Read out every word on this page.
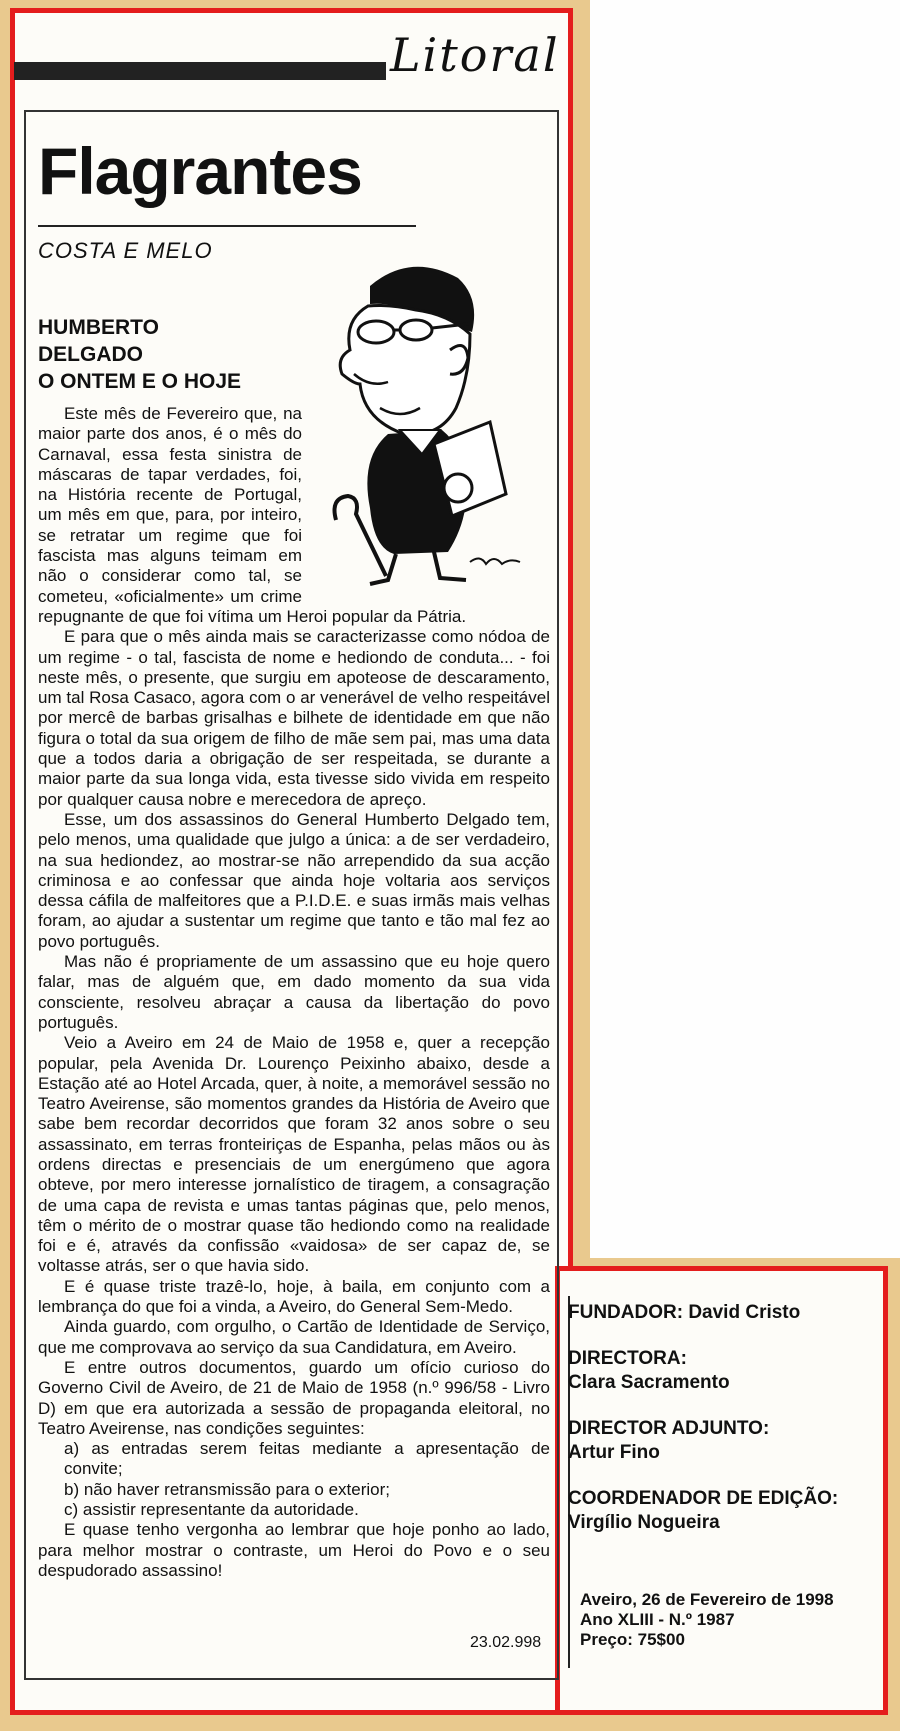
Litoral
Flagrantes
COSTA E MELO
HUMBERTO
DELGADO
O ONTEM E O HOJE

Este mês de Fevereiro que, na maior parte dos anos, é o mês do Carnaval, essa festa sinistra de máscaras de tapar verdades, foi, na História recente de Portugal, um mês em que, para, por inteiro, se retratar um regime que foi fascista mas alguns teimam em não o considerar como tal, se cometeu, «oficialmente» um crime repugnante de que foi vítima um Heroi popular da Pátria.

E para que o mês ainda mais se caracterizasse como nódoa de um regime - o tal, fascista de nome e hediondo de conduta... - foi neste mês, o presente, que surgiu em apoteose de descaramento, um tal Rosa Casaco, agora com o ar venerável de velho respeitável por mercê de barbas grisalhas e bilhete de identidade em que não figura o total da sua origem de filho de mãe sem pai, mas uma data que a todos daria a obrigação de ser respeitada, se durante a maior parte da sua longa vida, esta tivesse sido vivida em respeito por qualquer causa nobre e merecedora de apreço.

Esse, um dos assassinos do General Humberto Delgado tem, pelo menos, uma qualidade que julgo a única: a de ser verdadeiro, na sua hediondez, ao mostrar-se não arrependido da sua acção criminosa e ao confessar que ainda hoje voltaria aos serviços dessa cáfila de malfeitores que a P.I.D.E. e suas irmãs mais velhas foram, ao ajudar a sustentar um regime que tanto e tão mal fez ao povo português.

Mas não é propriamente de um assassino que eu hoje quero falar, mas de alguém que, em dado momento da sua vida consciente, resolveu abraçar a causa da libertação do povo português.

Veio a Aveiro em 24 de Maio de 1958 e, quer a recepção popular, pela Avenida Dr. Lourenço Peixinho abaixo, desde a Estação até ao Hotel Arcada, quer, à noite, a memorável sessão no Teatro Aveirense, são momentos grandes da História de Aveiro que sabe bem recordar decorridos que foram 32 anos sobre o seu assassinato, em terras fronteiriças de Espanha, pelas mãos ou às ordens directas e presenciais de um energúmeno que agora obteve, por mero interesse jornalístico de tiragem, a consagração de uma capa de revista e umas tantas páginas que, pelo menos, têm o mérito de o mostrar quase tão hediondo como na realidade foi e é, através da confissão «vaidosa» de ser capaz de, se voltasse atrás, ser o que havia sido.

E é quase triste trazê-lo, hoje, à baila, em conjunto com a lembrança do que foi a vinda, a Aveiro, do General Sem-Medo.

Ainda guardo, com orgulho, o Cartão de Identidade de Serviço, que me comprovava ao serviço da sua Candidatura, em Aveiro.

E entre outros documentos, guardo um ofício curioso do Governo Civil de Aveiro, de 21 de Maio de 1958 (n.º 996/58 - Livro D) em que era autorizada a sessão de propaganda eleitoral, no Teatro Aveirense, nas condições seguintes:

a) as entradas serem feitas mediante a apresentação de convite;
b) não haver retransmissão para o exterior;
c) assistir representante da autoridade.

E quase tenho vergonha ao lembrar que hoje ponho ao lado, para melhor mostrar o contraste, um Heroi do Povo e o seu despudorado assassino!

23.02.998
FUNDADOR: David Cristo
DIRECTORA:
Clara Sacramento
DIRECTOR ADJUNTO:
Artur Fino
COORDENADOR DE EDIÇÃO:
Virgílio Nogueira
Aveiro, 26 de Fevereiro de 1998
Ano XLIII - N.º 1987
Preço: 75$00
